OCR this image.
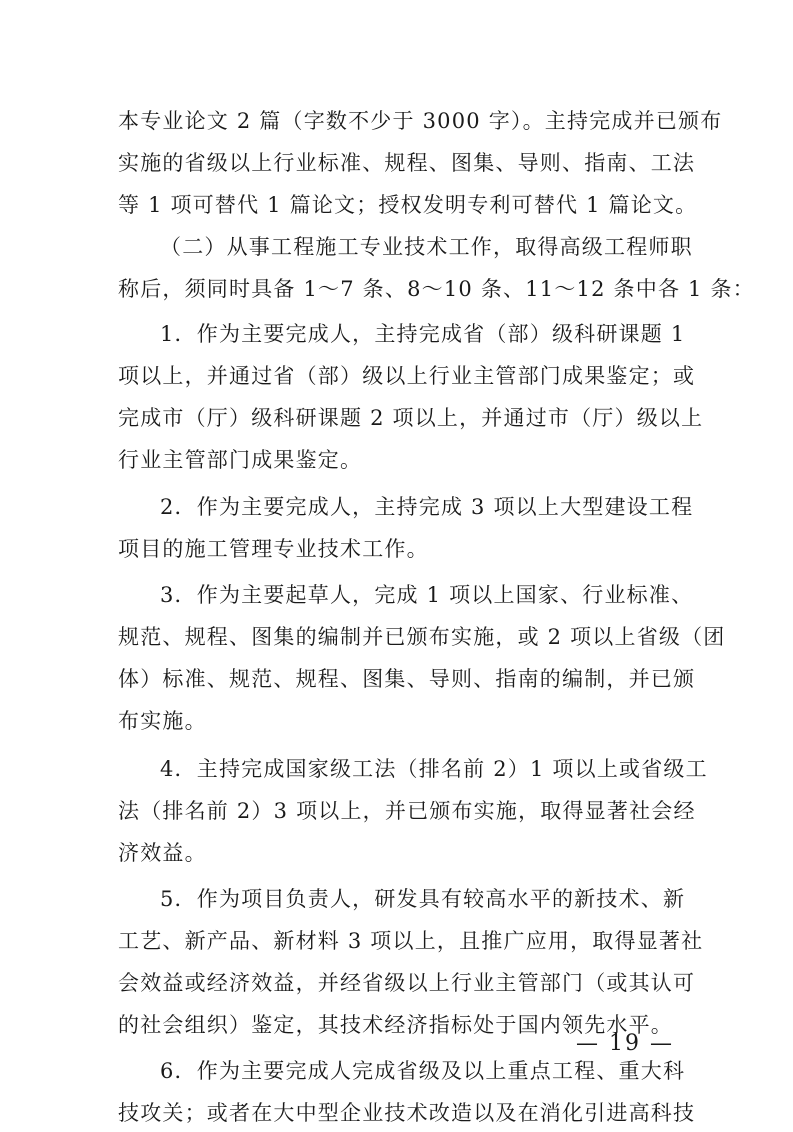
本专业论文 2 篇（字数不少于 3000 字）。主持完成并已颁布
实施的省级以上行业标准、规程、图集、导则、指南、工法
等 1 项可替代 1 篇论文；授权发明专利可替代 1 篇论文。
（二）从事工程施工专业技术工作，取得高级工程师职
称后，须同时具备 1～7 条、8～10 条、11～12 条中各 1 条：
1．作为主要完成人，主持完成省（部）级科研课题 1
项以上，并通过省（部）级以上行业主管部门成果鉴定；或
完成市（厅）级科研课题 2 项以上，并通过市（厅）级以上
行业主管部门成果鉴定。
2．作为主要完成人，主持完成 3 项以上大型建设工程
项目的施工管理专业技术工作。
3．作为主要起草人，完成 1 项以上国家、行业标准、
规范、规程、图集的编制并已颁布实施，或 2 项以上省级（团
体）标准、规范、规程、图集、导则、指南的编制，并已颁
布实施。
4．主持完成国家级工法（排名前 2）1 项以上或省级工
法（排名前 2）3 项以上，并已颁布实施，取得显著社会经
济效益。
5．作为项目负责人，研发具有较高水平的新技术、新
工艺、新产品、新材料 3 项以上，且推广应用，取得显著社
会效益或经济效益，并经省级以上行业主管部门（或其认可
的社会组织）鉴定，其技术经济指标处于国内领先水平。
6．作为主要完成人完成省级及以上重点工程、重大科
技攻关；或者在大中型企业技术改造以及在消化引进高科技
— 19 —
